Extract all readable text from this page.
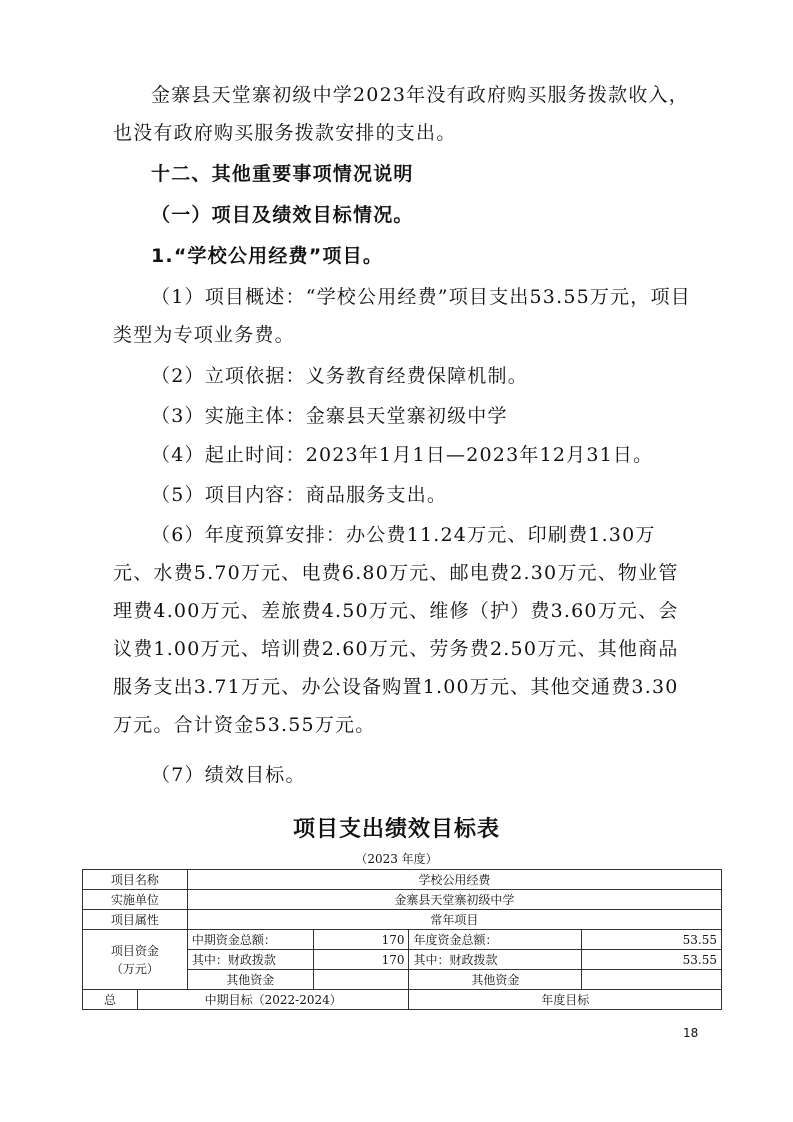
金寨县天堂寨初级中学2023年没有政府购买服务拨款收入，也没有政府购买服务拨款安排的支出。

十二、其他重要事项情况说明

（一）项目及绩效目标情况。

1.“学校公用经费”项目。

（1）项目概述：“学校公用经费”项目支出53.55万元，项目类型为专项业务费。

（2）立项依据：义务教育经费保障机制。

（3）实施主体：金寨县天堂寨初级中学

（4）起止时间：2023年1月1日—2023年12月31日。

（5）项目内容：商品服务支出。

（6）年度预算安排：办公费11.24万元、印刷费1.30万元、水费5.70万元、电费6.80万元、邮电费2.30万元、物业管理费4.00万元、差旅费4.50万元、维修（护）费3.60万元、会议费1.00万元、培训费2.60万元、劳务费2.50万元、其他商品服务支出3.71万元、办公设备购置1.00万元、其他交通费3.30万元。合计资金53.55万元。

（7）绩效目标。

项目支出绩效目标表
（2023 年度）
项目名称		学校公用经费			
实施单位		金寨县天堂寨初级中学			
项目属性		常年项目			

项目资金
（万元）		中期资金总额：	170	年度资金总额：	53.55
		其中：财政拨款	170	其中：财政拨款	53.55
		其他资金		其他资金	
总	中期目标（2022-2024）			年度目标	
18
